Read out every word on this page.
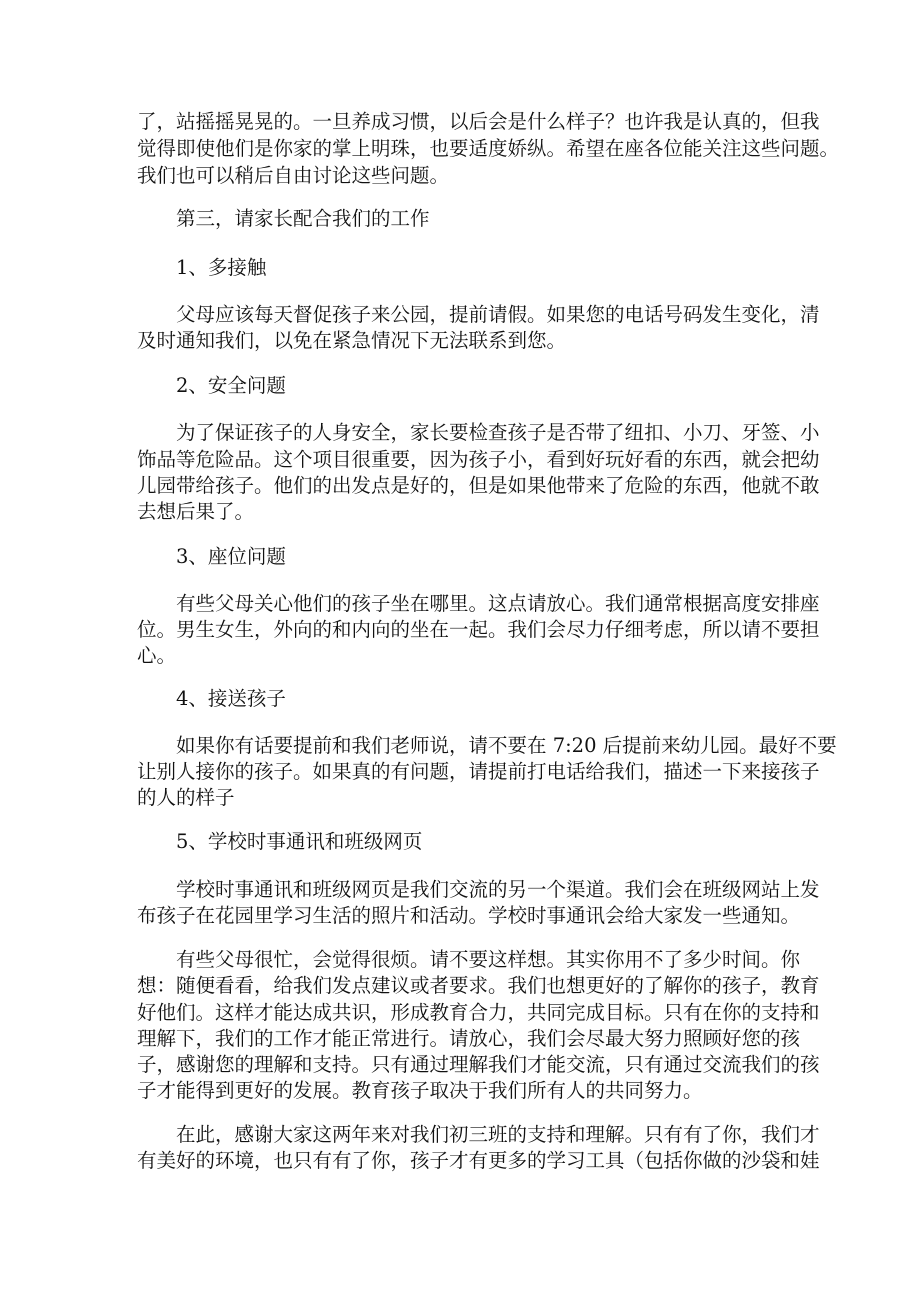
了，站摇摇晃晃的。一旦养成习惯，以后会是什么样子？也许我是认真的，但我
觉得即使他们是你家的掌上明珠，也要适度娇纵。希望在座各位能关注这些问题。
我们也可以稍后自由讨论这些问题。
第三，请家长配合我们的工作
1、多接触
父母应该每天督促孩子来公园，提前请假。如果您的电话号码发生变化，清
及时通知我们，以免在紧急情况下无法联系到您。
2、安全问题
为了保证孩子的人身安全，家长要检查孩子是否带了纽扣、小刀、牙签、小
饰品等危险品。这个项目很重要，因为孩子小，看到好玩好看的东西，就会把幼
儿园带给孩子。他们的出发点是好的，但是如果他带来了危险的东西，他就不敢
去想后果了。
3、座位问题
有些父母关心他们的孩子坐在哪里。这点请放心。我们通常根据高度安排座
位。男生女生，外向的和内向的坐在一起。我们会尽力仔细考虑，所以请不要担
心。
4、接送孩子
如果你有话要提前和我们老师说，请不要在 7:20 后提前来幼儿园。最好不要
让别人接你的孩子。如果真的有问题，请提前打电话给我们，描述一下来接孩子
的人的样子
5、学校时事通讯和班级网页
学校时事通讯和班级网页是我们交流的另一个渠道。我们会在班级网站上发
布孩子在花园里学习生活的照片和活动。学校时事通讯会给大家发一些通知。
有些父母很忙，会觉得很烦。请不要这样想。其实你用不了多少时间。你
想：随便看看，给我们发点建议或者要求。我们也想更好的了解你的孩子，教育
好他们。这样才能达成共识，形成教育合力，共同完成目标。只有在你的支持和
理解下，我们的工作才能正常进行。请放心，我们会尽最大努力照顾好您的孩
子，感谢您的理解和支持。只有通过理解我们才能交流，只有通过交流我们的孩
子才能得到更好的发展。教育孩子取决于我们所有人的共同努力。
在此，感谢大家这两年来对我们初三班的支持和理解。只有有了你，我们才
有美好的环境，也只有有了你，孩子才有更多的学习工具（包括你做的沙袋和娃
